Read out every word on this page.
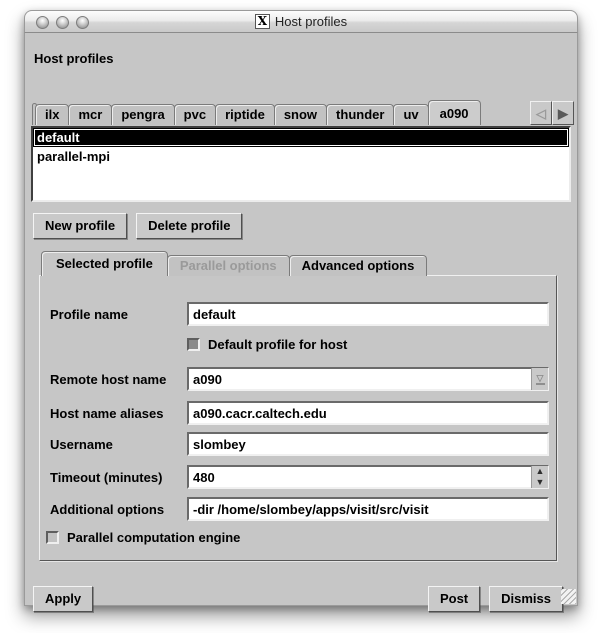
X Host profiles
Host profiles
ilx	mcr	pengra	pvc	riptide	snow	thunder	uv	a090	◁ ▶
default
parallel-mpi
New profile	Delete profile
Selected profile	Parallel options	Advanced options
Profile name
default
Default profile for host
Remote host name
a090	▽
Host name aliases
a090.cacr.caltech.edu
Username
slombey
Timeout (minutes)
480	▲
▼
Additional options
-dir /home/slombey/apps/visit/src/visit
Parallel computation engine
Apply	Post	Dismiss
